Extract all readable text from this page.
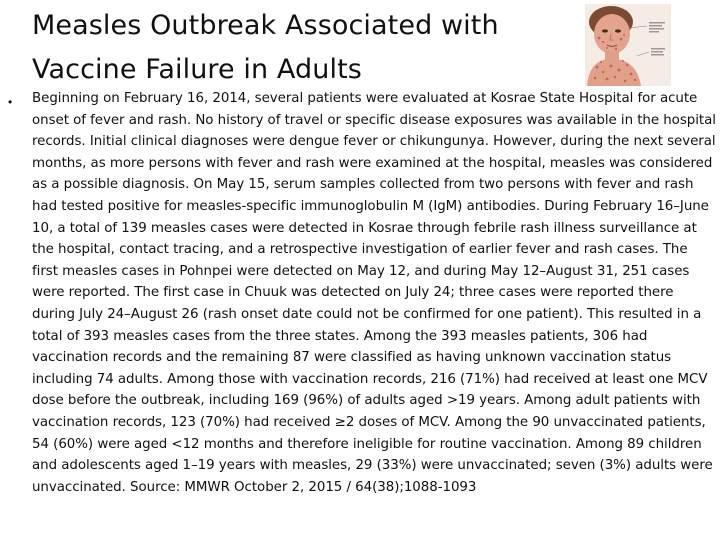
Measles Outbreak Associated with Vaccine Failure in Adults
• Beginning on February 16, 2014, several patients were evaluated at Kosrae State Hospital for acute onset of fever and rash. No history of travel or specific disease exposures was available in the hospital records. Initial clinical diagnoses were dengue fever or chikungunya. However, during the next several months, as more persons with fever and rash were examined at the hospital, measles was considered as a possible diagnosis. On May 15, serum samples collected from two persons with fever and rash had tested positive for measles-specific immunoglobulin M (IgM) antibodies. During February 16–June 10, a total of 139 measles cases were detected in Kosrae through febrile rash illness surveillance at the hospital, contact tracing, and a retrospective investigation of earlier fever and rash cases. The first measles cases in Pohnpei were detected on May 12, and during May 12–August 31, 251 cases were reported. The first case in Chuuk was detected on July 24; three cases were reported there during July 24–August 26 (rash onset date could not be confirmed for one patient). This resulted in a total of 393 measles cases from the three states. Among the 393 measles patients, 306 had vaccination records and the remaining 87 were classified as having unknown vaccination status including 74 adults. Among those with vaccination records, 216 (71%) had received at least one MCV dose before the outbreak, including 169 (96%) of adults aged >19 years. Among adult patients with vaccination records, 123 (70%) had received ≥2 doses of MCV. Among the 90 unvaccinated patients, 54 (60%) were aged <12 months and therefore ineligible for routine vaccination. Among 89 children and adolescents aged 1–19 years with measles, 29 (33%) were unvaccinated; seven (3%) adults were unvaccinated. Source: MMWR October 2, 2015 / 64(38);1088-1093
